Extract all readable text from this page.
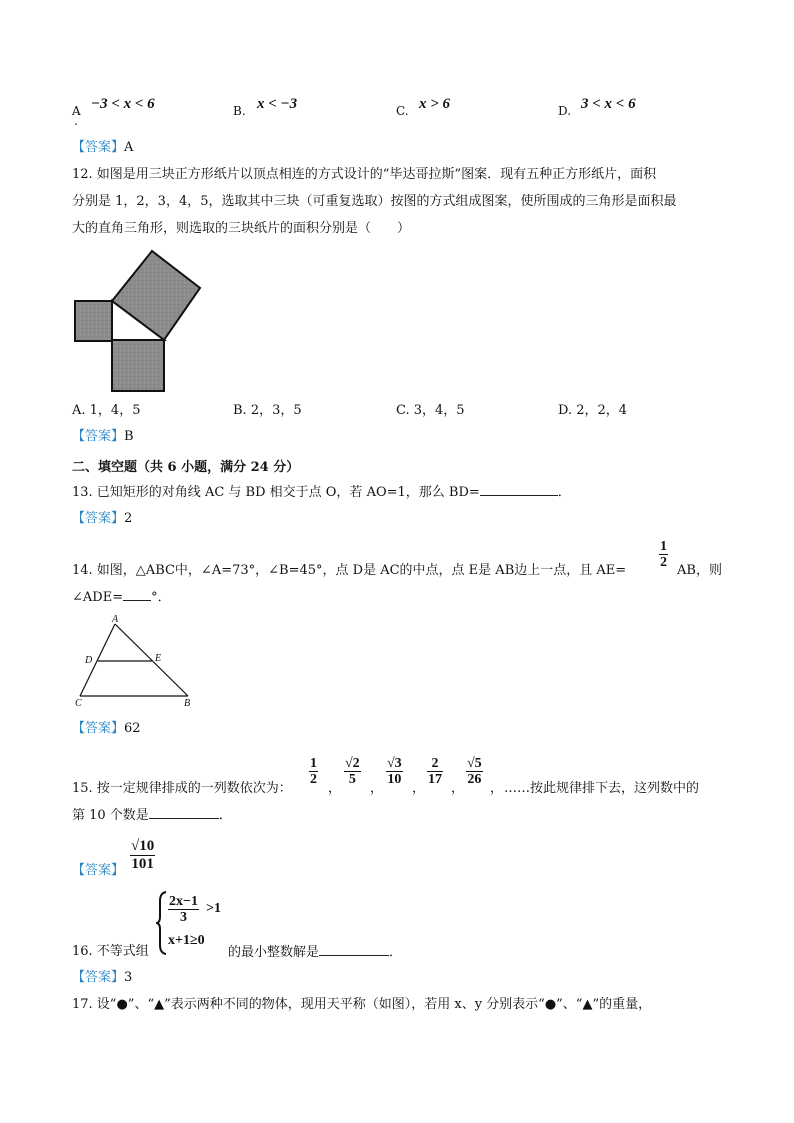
A
.
−3 < x < 6	B. x < −3	C. x > 6	D. 3 < x < 6
【答案】A
12. 如图是用三块正方形纸片以顶点相连的方式设计的“毕达哥拉斯”图案．现有五种正方形纸片，面积
分别是 1，2，3，4，5，选取其中三块（可重复选取）按图的方式组成图案，使所围成的三角形是面积最
大的直角三角形，则选取的三块纸片的面积分别是（　　）
A. 1，4，5	B. 2，3，5	C. 3，4，5	D. 2，2，4
【答案】B
二、填空题（共 6 小题，满分 24 分）
13. 已知矩形的对角线 AC 与 BD 相交于点 O，若 AO=1，那么 BD=	．
【答案】2
14. 如图，△ABC中，∠A=73°，∠B=45°，点 D是 AC的中点，点 E是 AB边上一点，且 AE=
$\frac{1}{2}$
AB，则
∠ADE= °．
A
D	E
C	B
【答案】62
15. 按一定规律排成的一列数依次为：
$\frac{1}{2}$
，
$\frac{√2}{5}$
，
$\frac{√3}{10}$
，
$\frac{2}{17}$
，
$\frac{√5}{26}$
， ……按此规律排下去，这列数中的
第 10 个数是	．
【答案】 $\frac{√10}{101}$
$\frac{2x-1}{3} >1$
x+1≥0
16. 不等式组	的最小整数解是	．
【答案】3
17. 设“●”、“▲”表示两种不同的物体，现用天平称（如图），若用 x、y 分别表示“●”、“▲”的重量，
